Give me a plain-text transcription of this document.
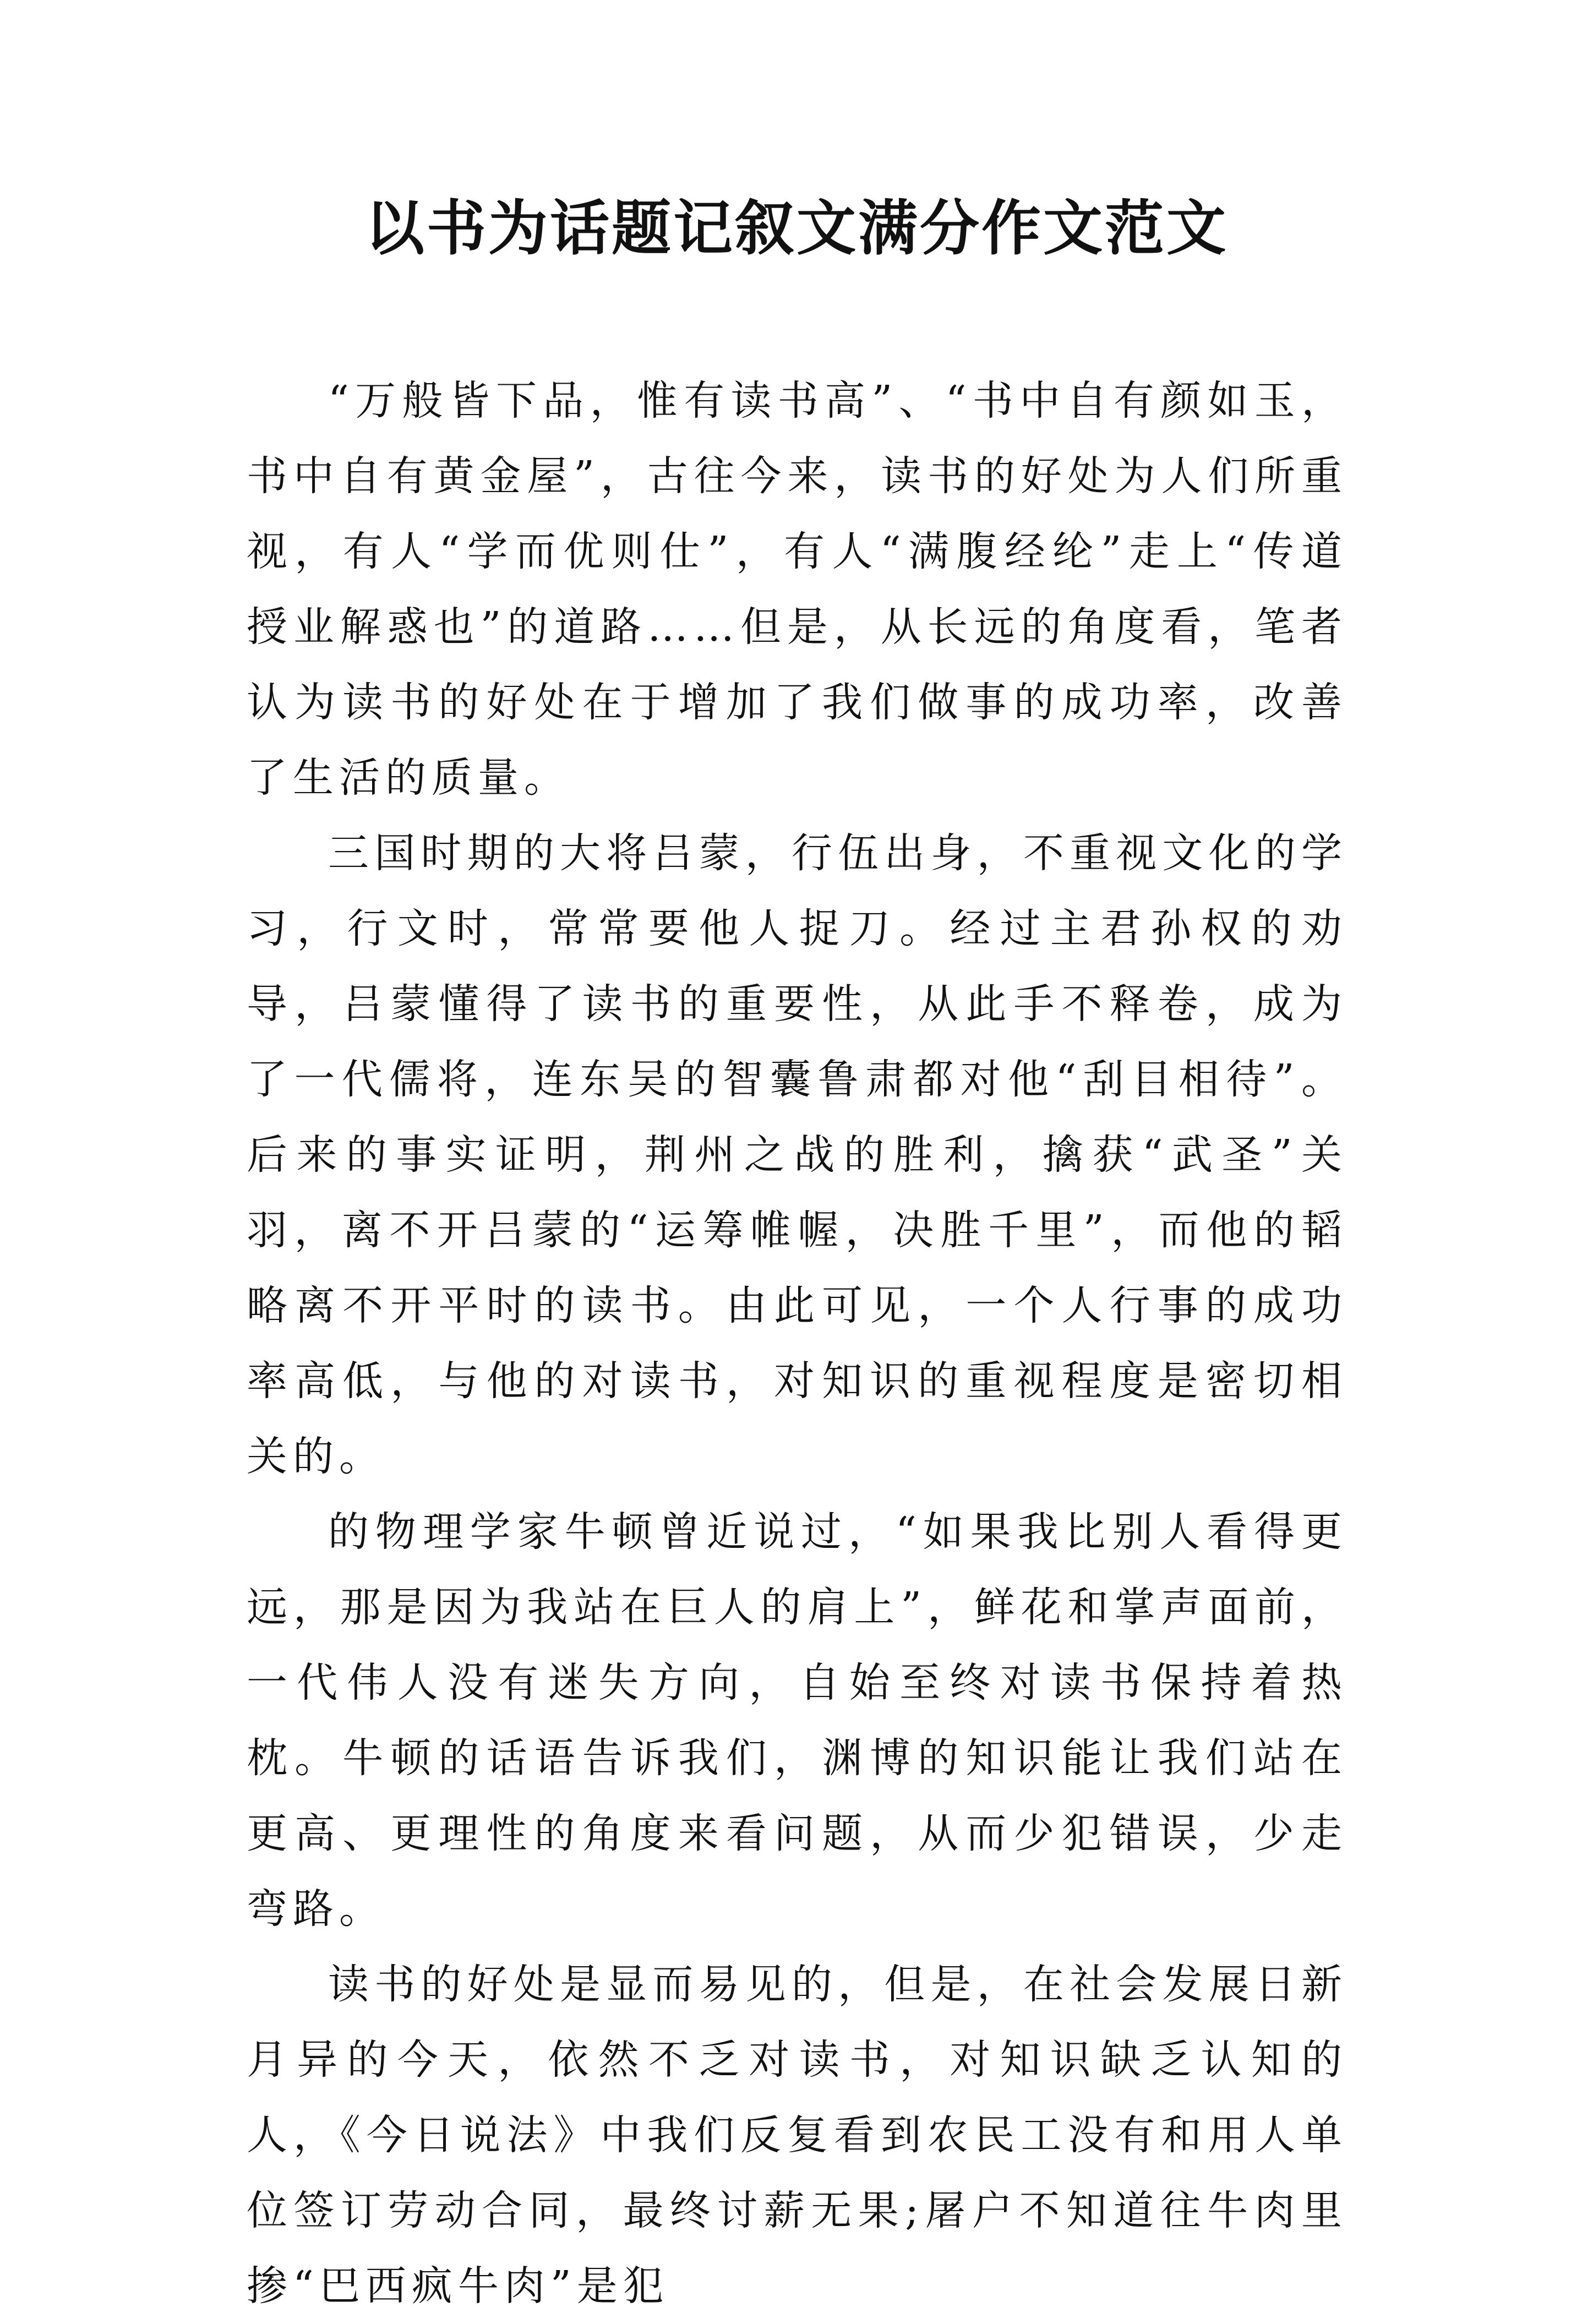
以书为话题记叙文满分作文范文

“万般皆下品，惟有读书高”、“书中自有颜如玉，书中自有黄金屋”，古往今来，读书的好处为人们所重视，有人“学而优则仕”，有人“满腹经纶”走上“传道授业解惑也”的道路……但是，从长远的角度看，笔者认为读书的好处在于增加了我们做事的成功率，改善了生活的质量。

三国时期的大将吕蒙，行伍出身，不重视文化的学习，行文时，常常要他人捉刀。经过主君孙权的劝导，吕蒙懂得了读书的重要性，从此手不释卷，成为了一代儒将，连东吴的智囊鲁肃都对他“刮目相待”。后来的事实证明，荆州之战的胜利，擒获“武圣”关羽，离不开吕蒙的“运筹帷幄，决胜千里”，而他的韬略离不开平时的读书。由此可见，一个人行事的成功率高低，与他的对读书，对知识的重视程度是密切相关的。

的物理学家牛顿曾近说过，“如果我比别人看得更远，那是因为我站在巨人的肩上”，鲜花和掌声面前，一代伟人没有迷失方向，自始至终对读书保持着热枕。牛顿的话语告诉我们，渊博的知识能让我们站在更高、更理性的角度来看问题，从而少犯错误，少走弯路。

读书的好处是显而易见的，但是，在社会发展日新月异的今天，依然不乏对读书，对知识缺乏认知的人，《今日说法》中我们反复看到农民工没有和用人单位签订劳动合同，最终讨薪无果;屠户不知道往牛肉里掺“巴西疯牛肉”是犯
